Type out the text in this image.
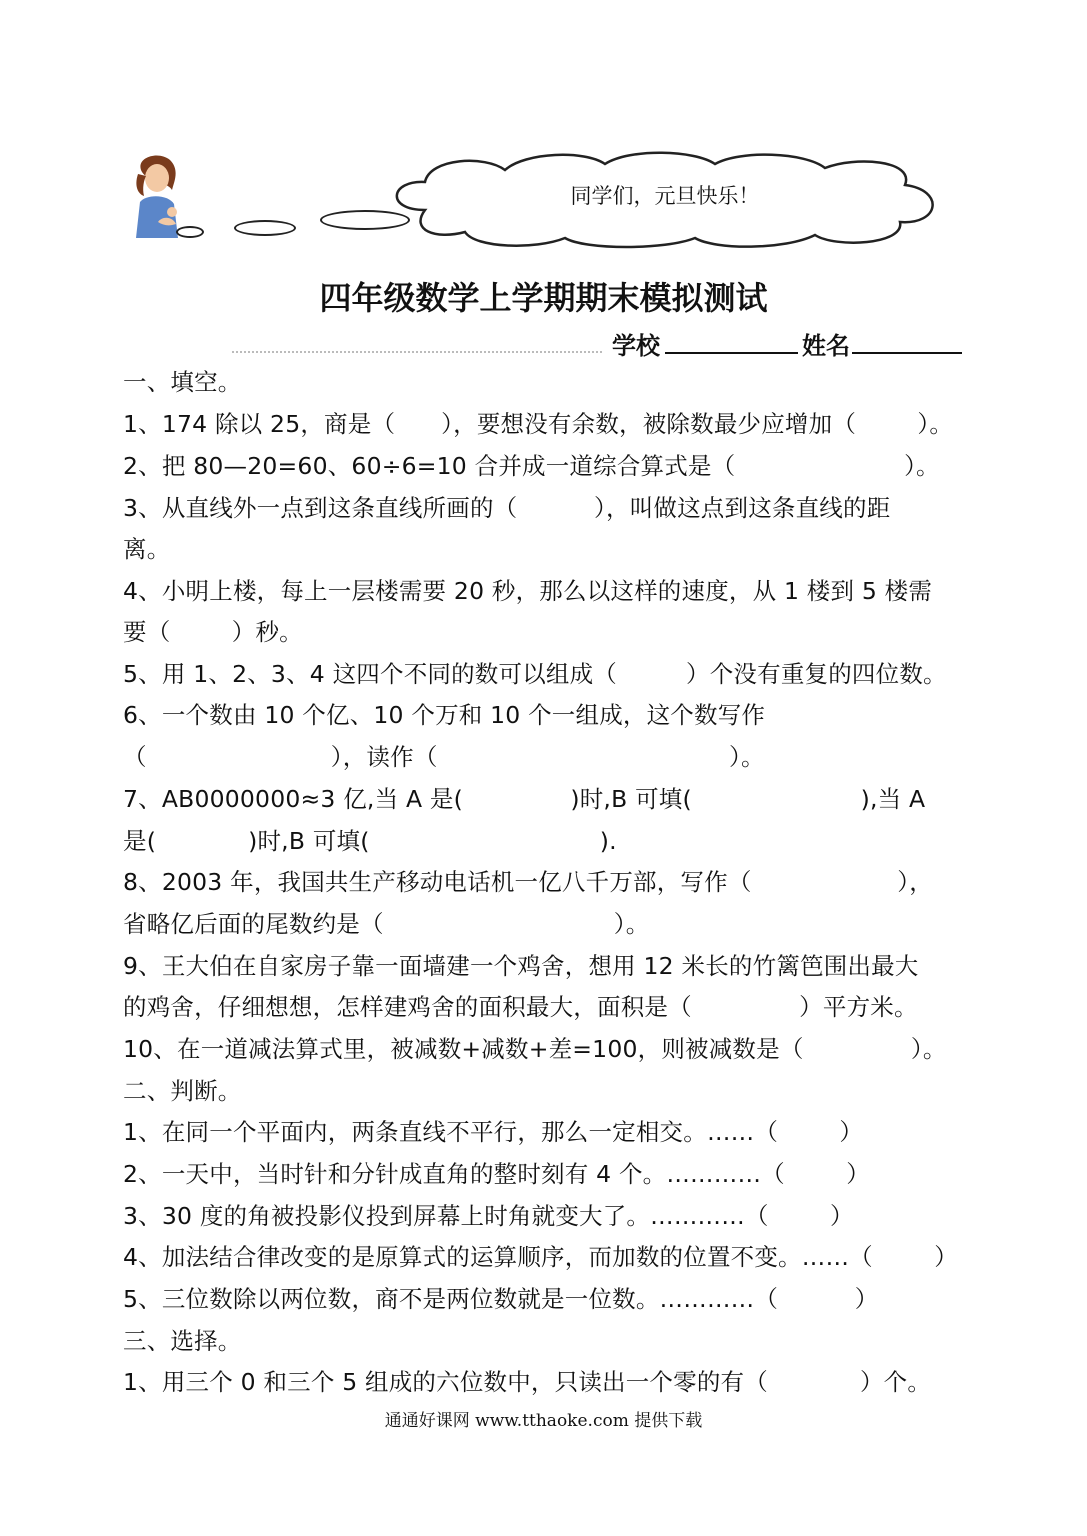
同学们，元旦快乐！
四年级数学上学期期末模拟测试
学校	姓名
一、填空。
1、174 除以 25，商是（      ），要想没有余数，被除数最少应增加（        ）。
2、把 80—20=60、60÷6=10 合并成一道综合算式是（                      ）。
3、从直线外一点到这条直线所画的（          ），叫做这点到这条直线的距
离。
4、小明上楼，每上一层楼需要 20 秒，那么以这样的速度，从 1 楼到 5 楼需
要（        ）秒。
5、用 1、2、3、4 这四个不同的数可以组成（         ）个没有重复的四位数。
6、一个数由 10 个亿、10 个万和 10 个一组成，这个数写作
（                        ），读作（                                      ）。
7、AB0000000≈3 亿,当 A 是(              )时,B 可填(                      ),当 A
是(            )时,B 可填(                              ).
8、2003 年，我国共生产移动电话机一亿八千万部，写作（                   ），
省略亿后面的尾数约是（                              ）。
9、王大伯在自家房子靠一面墙建一个鸡舍，想用 12 米长的竹篱笆围出最大
的鸡舍，仔细想想，怎样建鸡舍的面积最大，面积是（              ）平方米。
10、在一道减法算式里，被减数+减数+差=100，则被减数是（              ）。
二、判断。
1、在同一个平面内，两条直线不平行，那么一定相交。……（        ）
2、一天中，当时针和分针成直角的整时刻有 4 个。…………（        ）
3、30 度的角被投影仪投到屏幕上时角就变大了。…………（        ）
4、加法结合律改变的是原算式的运算顺序，而加数的位置不变。……（        ）
5、三位数除以两位数，商不是两位数就是一位数。…………（          ）
三、选择。
1、用三个 0 和三个 5 组成的六位数中，只读出一个零的有（            ）个。
通通好课网 www.tthaoke.com 提供下载
